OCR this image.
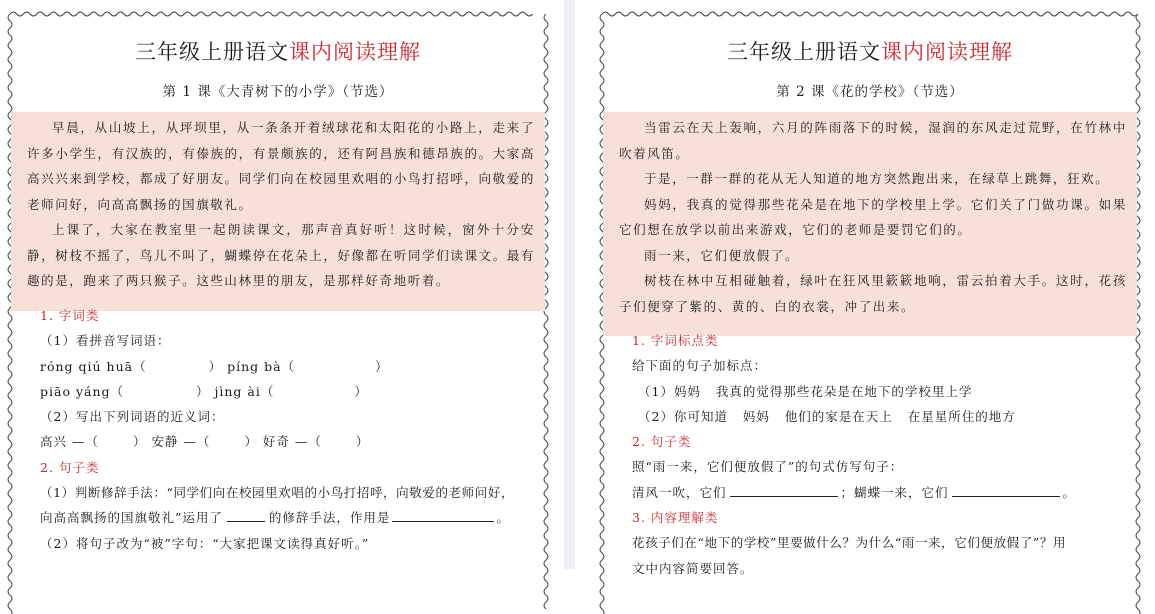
三年级上册语文课内阅读理解
第 1 课《大青树下的小学》（节选）

早晨，从山坡上，从坪坝里，从一条条开着绒球花和太阳花的小路上，走来了许多小学生，有汉族的，有傣族的，有景颇族的，还有阿昌族和德昂族的。大家高高兴兴来到学校，都成了好朋友。同学们向在校园里欢唱的小鸟打招呼，向敬爱的老师问好，向高高飘扬的国旗敬礼。

上课了，大家在教室里一起朗读课文，那声音真好听！这时候，窗外十分安静，树枝不摇了，鸟儿不叫了，蝴蝶停在花朵上，好像都在听同学们读课文。最有趣的是，跑来了两只猴子。这些山林里的朋友，是那样好奇地听着。

1. 字词类
（1）看拼音写词语：
róng qiú huā（	） píng bà（	）
piāo yáng（	） jìng ài（	）
（2）写出下列词语的近义词：
高兴 —（	） 安静 —（	） 好奇 —（	）
2. 句子类
（1）判断修辞手法：“同学们向在校园里欢唱的小鸟打招呼，向敬爱的老师问好，
向高高飘扬的国旗敬礼”运用了	的修辞手法，作用是	。
（2）将句子改为“被”字句：“大家把课文读得真好听。”
三年级上册语文课内阅读理解
第 2 课《花的学校》（节选）

当雷云在天上轰响，六月的阵雨落下的时候，湿润的东风走过荒野，在竹林中吹着风笛。

于是，一群一群的花从无人知道的地方突然跑出来，在绿草上跳舞，狂欢。

妈妈，我真的觉得那些花朵是在地下的学校里上学。它们关了门做功课。如果它们想在放学以前出来游戏，它们的老师是要罚它们的。

雨一来，它们便放假了。

树枝在林中互相碰触着，绿叶在狂风里簌簌地响，雷云拍着大手。这时，花孩子们便穿了紫的、黄的、白的衣裳，冲了出来。

1. 字词标点类
给下面的句子加标点：
（1）妈妈   我真的觉得那些花朵是在地下的学校里上学
（2）你可知道   妈妈   他们的家是在天上   在星星所住的地方
2. 句子类
照“雨一来，它们便放假了”的句式仿写句子：
清风一吹，它们	；蝴蝶一来，它们	。
3. 内容理解类
花孩子们在“地下的学校”里要做什么？为什么“雨一来，它们便放假了”？用
文中内容简要回答。
